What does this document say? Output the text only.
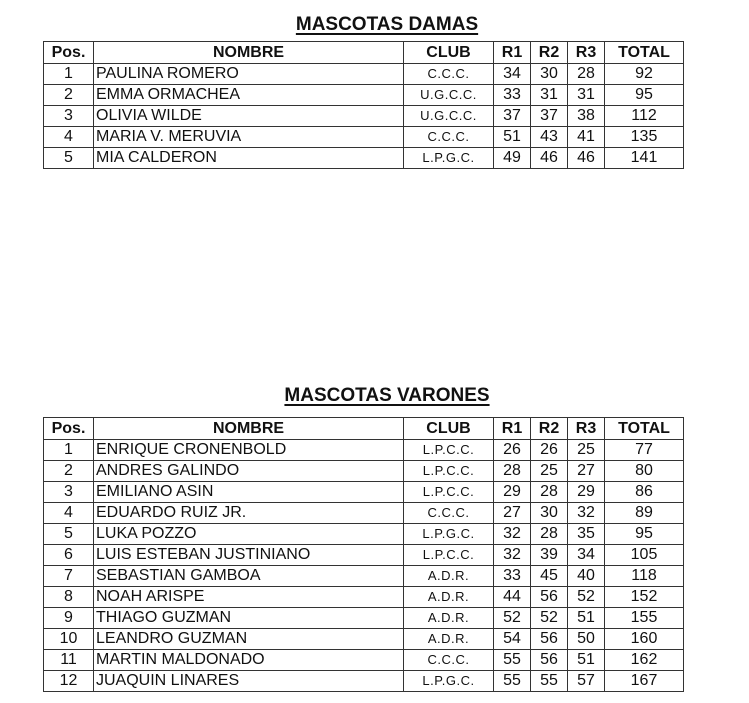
MASCOTAS DAMAS
Pos.	NOMBRE	CLUB	R1	R2	R3	TOTAL
1	PAULINA ROMERO	C.C.C.	34	30	28	92
2	EMMA ORMACHEA	U.G.C.C.	33	31	31	95
3	OLIVIA WILDE	U.G.C.C.	37	37	38	112
4	MARIA V. MERUVIA	C.C.C.	51	43	41	135
5	MIA CALDERON	L.P.G.C.	49	46	46	141
MASCOTAS VARONES
Pos.	NOMBRE	CLUB	R1	R2	R3	TOTAL
1	ENRIQUE CRONENBOLD	L.P.C.C.	26	26	25	77
2	ANDRES GALINDO	L.P.C.C.	28	25	27	80
3	EMILIANO ASIN	L.P.C.C.	29	28	29	86
4	EDUARDO RUIZ JR.	C.C.C.	27	30	32	89
5	LUKA POZZO	L.P.G.C.	32	28	35	95
6	LUIS ESTEBAN JUSTINIANO	L.P.C.C.	32	39	34	105
7	SEBASTIAN GAMBOA	A.D.R.	33	45	40	118
8	NOAH ARISPE	A.D.R.	44	56	52	152
9	THIAGO GUZMAN	A.D.R.	52	52	51	155
10	LEANDRO GUZMAN	A.D.R.	54	56	50	160
11	MARTIN MALDONADO	C.C.C.	55	56	51	162
12	JUAQUIN LINARES	L.P.G.C.	55	55	57	167
